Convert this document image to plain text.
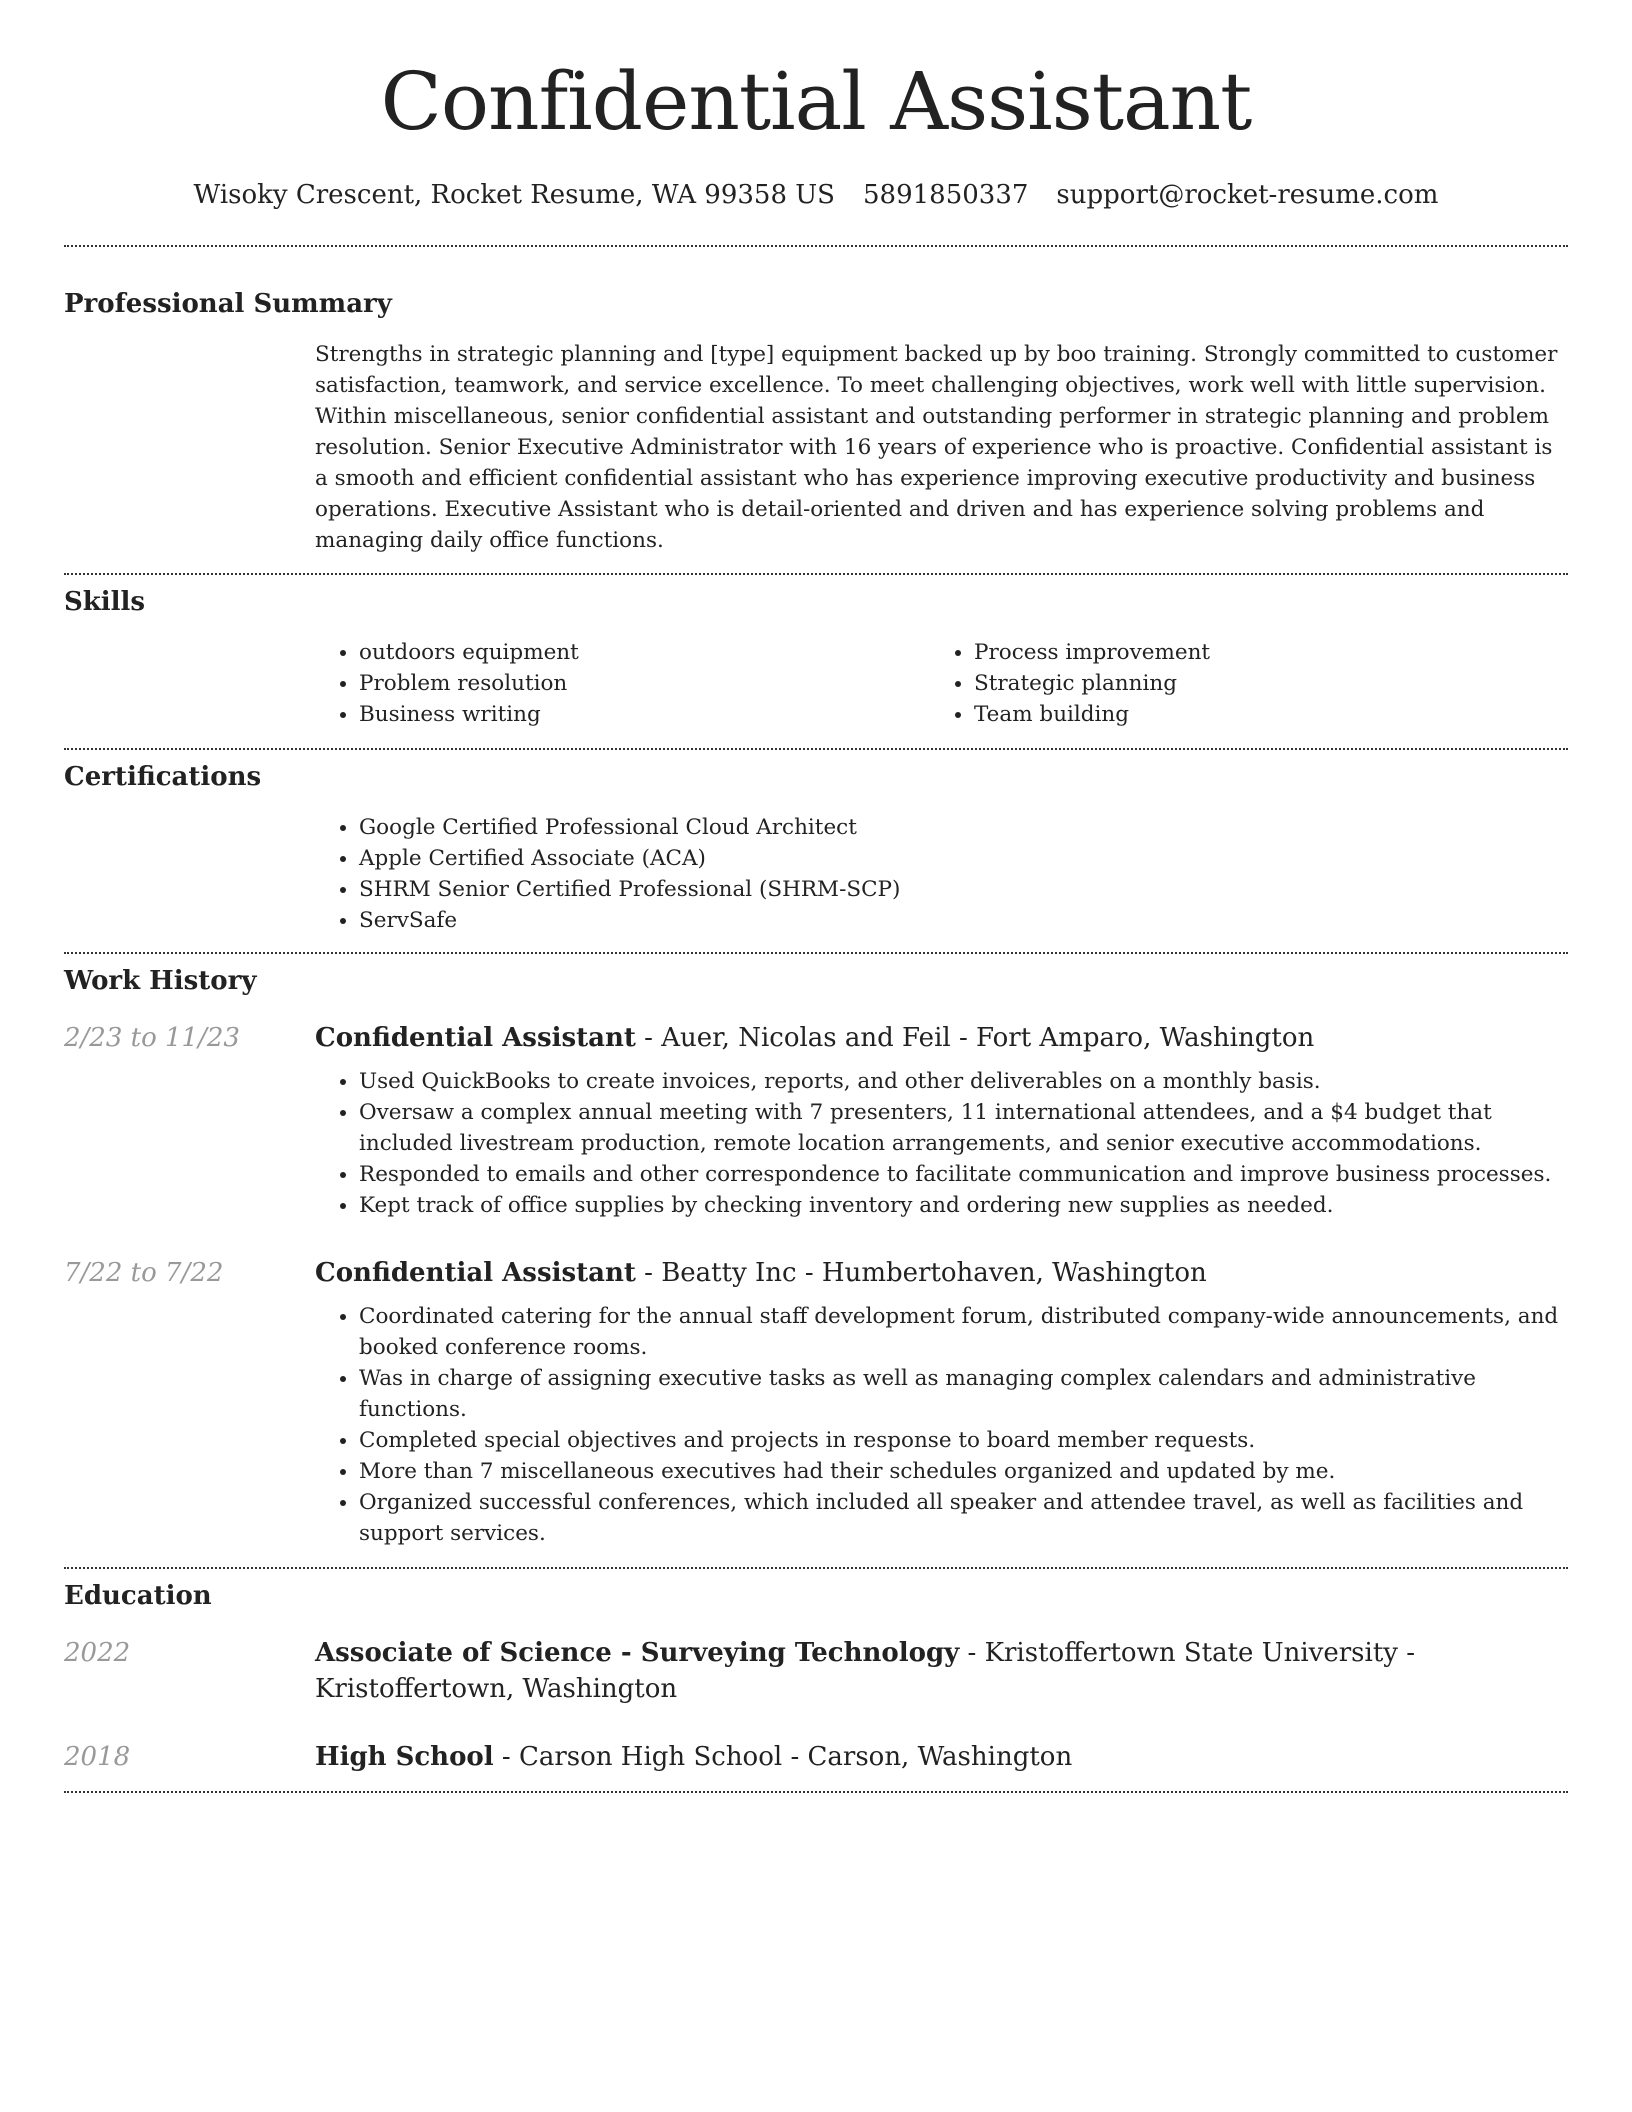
Confidential Assistant
Wisoky Crescent, Rocket Resume, WA 99358 US 5891850337 support@rocket-resume.com
Professional Summary
Strengths in strategic planning and [type] equipment backed up by boo training. Strongly committed to customer satisfaction, teamwork, and service excellence. To meet challenging objectives, work well with little supervision. Within miscellaneous, senior confidential assistant and outstanding performer in strategic planning and problem resolution. Senior Executive Administrator with 16 years of experience who is proactive. Confidential assistant is a smooth and efficient confidential assistant who has experience improving executive productivity and business operations. Executive Assistant who is detail-oriented and driven and has experience solving problems and managing daily office functions.
Skills
• outdoors equipment
• Problem resolution
• Business writing
• Process improvement
• Strategic planning
• Team building
Certifications
• Google Certified Professional Cloud Architect
• Apple Certified Associate (ACA)
• SHRM Senior Certified Professional (SHRM-SCP)
• ServSafe
Work History
2/23 to 11/23	Confidential Assistant - Auer, Nicolas and Feil - Fort Amparo, Washington
• Used QuickBooks to create invoices, reports, and other deliverables on a monthly basis.
• Oversaw a complex annual meeting with 7 presenters, 11 international attendees, and a $4 budget that included livestream production, remote location arrangements, and senior executive accommodations.
• Responded to emails and other correspondence to facilitate communication and improve business processes.
• Kept track of office supplies by checking inventory and ordering new supplies as needed.
7/22 to 7/22	Confidential Assistant - Beatty Inc - Humbertohaven, Washington
• Coordinated catering for the annual staff development forum, distributed company-wide announcements, and booked conference rooms.
• Was in charge of assigning executive tasks as well as managing complex calendars and administrative functions.
• Completed special objectives and projects in response to board member requests.
• More than 7 miscellaneous executives had their schedules organized and updated by me.
• Organized successful conferences, which included all speaker and attendee travel, as well as facilities and support services.
Education
2022	Associate of Science - Surveying Technology - Kristoffertown State University - Kristoffertown, Washington
2018	High School - Carson High School - Carson, Washington
